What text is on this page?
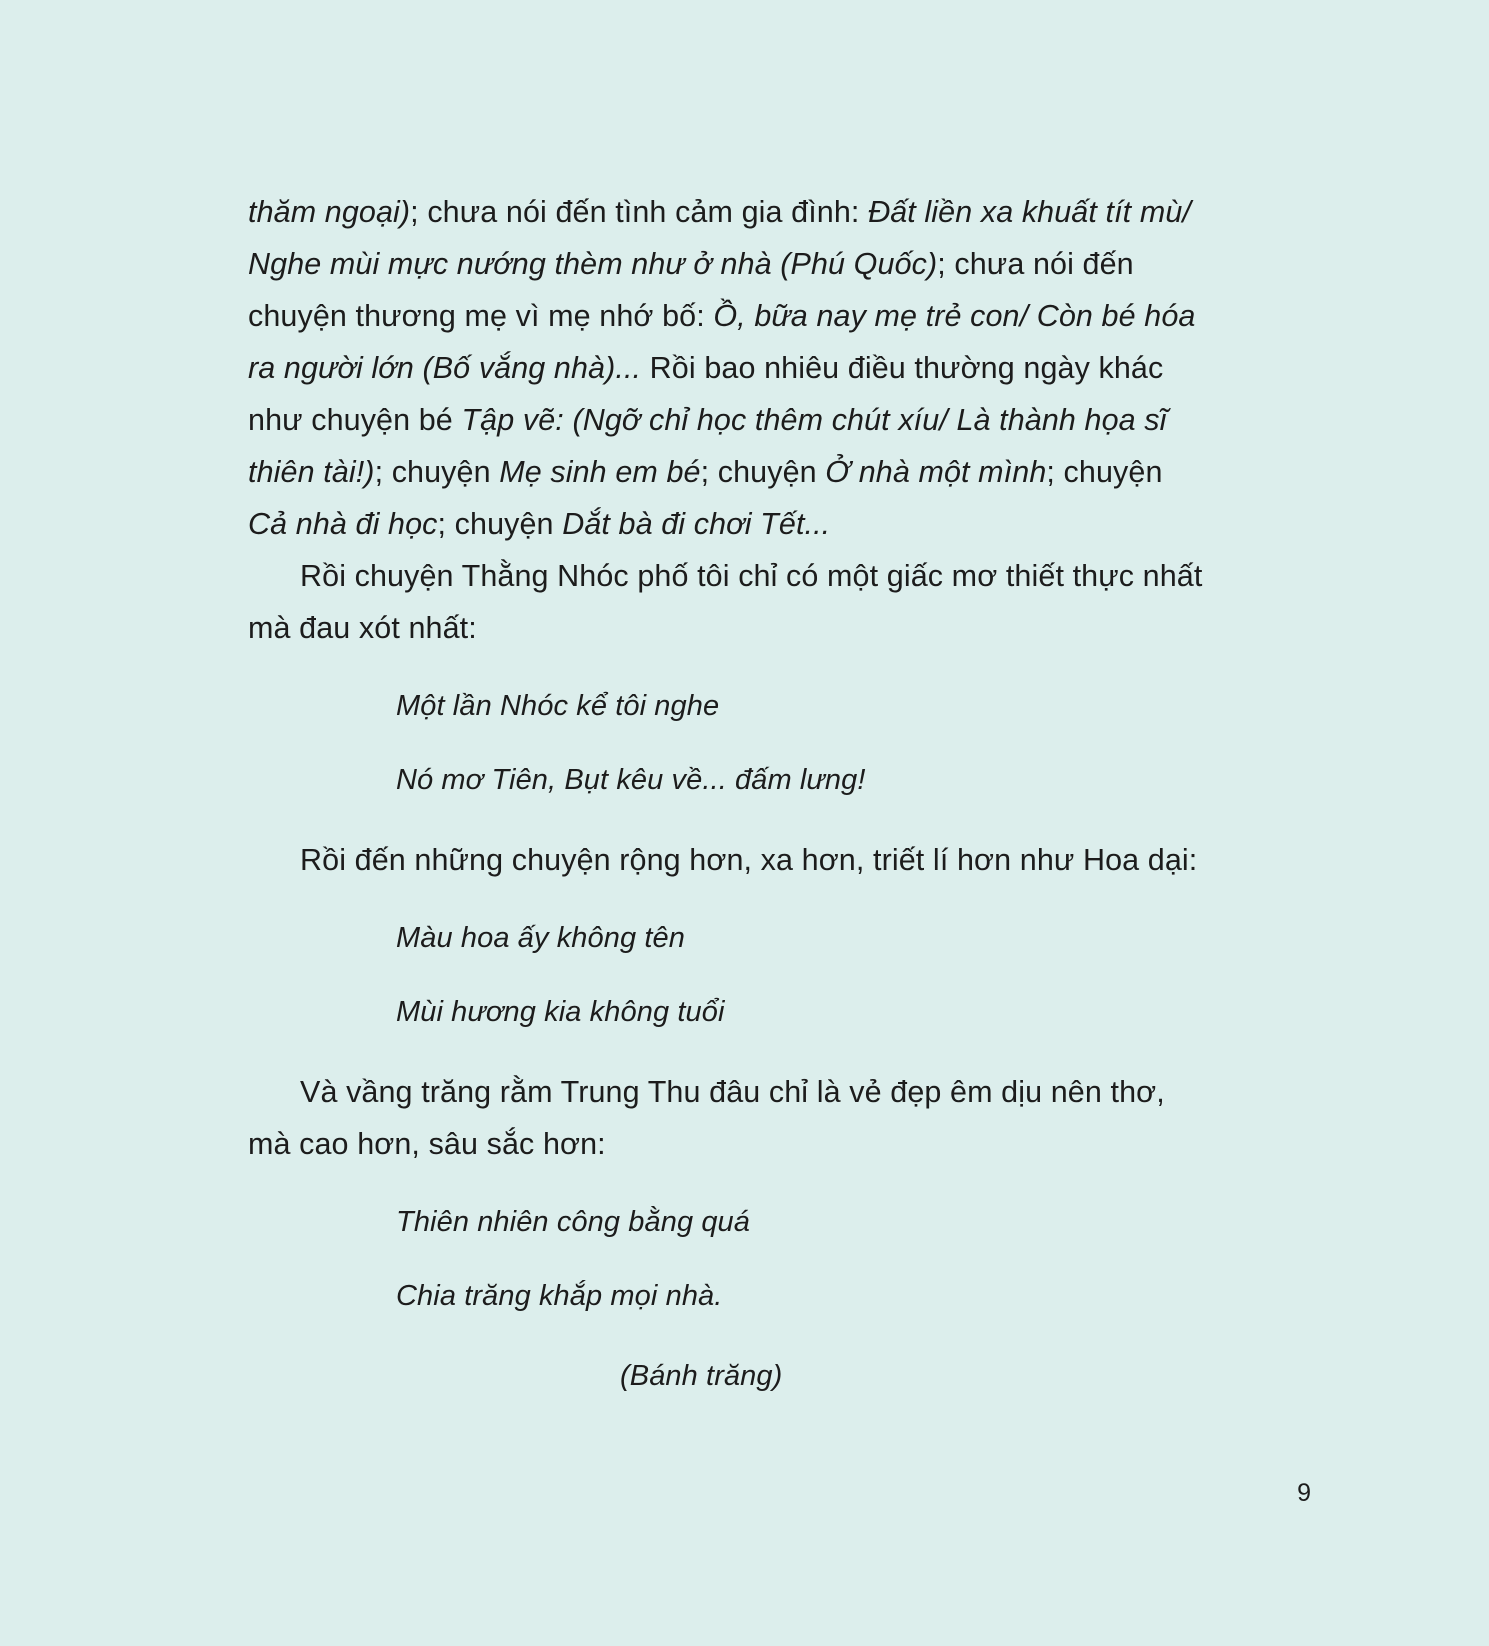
thăm ngoại); chưa nói đến tình cảm gia đình: Đất liền xa khuất tít mù/ Nghe mùi mực nướng thèm như ở nhà (Phú Quốc); chưa nói đến chuyện thương mẹ vì mẹ nhớ bố: Ồ, bữa nay mẹ trẻ con/ Còn bé hóa ra người lớn (Bố vắng nhà)... Rồi bao nhiêu điều thường ngày khác như chuyện bé Tập vẽ: (Ngỡ chỉ học thêm chút xíu/ Là thành họa sĩ thiên tài!); chuyện Mẹ sinh em bé; chuyện Ở nhà một mình; chuyện Cả nhà đi học; chuyện Dắt bà đi chơi Tết...

Rồi chuyện Thằng Nhóc phố tôi chỉ có một giấc mơ thiết thực nhất mà đau xót nhất:

Một lần Nhóc kể tôi nghe

Nó mơ Tiên, Bụt kêu về... đấm lưng!

Rồi đến những chuyện rộng hơn, xa hơn, triết lí hơn như Hoa dại:

Màu hoa ấy không tên

Mùi hương kia không tuổi

Và vầng trăng rằm Trung Thu đâu chỉ là vẻ đẹp êm dịu nên thơ, mà cao hơn, sâu sắc hơn:

Thiên nhiên công bằng quá

Chia trăng khắp mọi nhà.

(Bánh trăng)

9
